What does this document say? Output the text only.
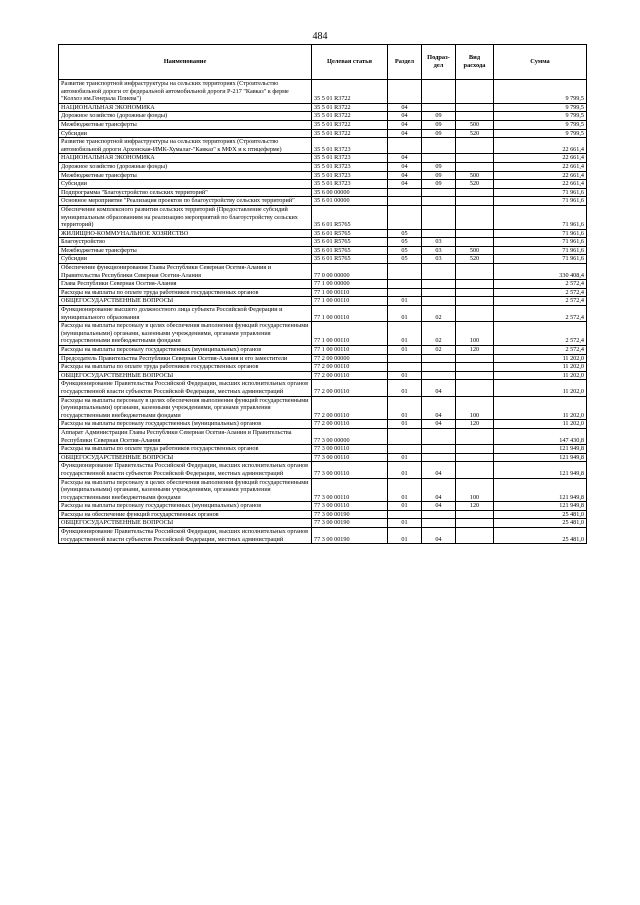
484
Наименование	Целевая статья	Раздел	Подраз-дел	Вид расхода	Сумма
Развитие транспортной инфраструктуры на сельских территориях (Строительство автомобильной дороги от федеральной автомобильной дороги Р-217 "Кавказ" к ферме "Колхоз им.Генерала Плиева")	35 5 01 R3722				9 799,5
НАЦИОНАЛЬНАЯ ЭКОНОМИКА	35 5 01 R3722	04			9 799,5
Дорожное хозяйство (дорожные фонды)	35 5 01 R3722	04	09		9 799,5
Межбюджетные трансферты	35 5 01 R3722	04	09	500	9 799,5
Субсидии	35 5 01 R3722	04	09	520	9 799,5
Развитие транспортной инфраструктуры на сельских территориях (Строительство автомобильной дороги Архонская-ИМК-Хумалаг-"Кавказ" к МФХ и к птицеферме)	35 5 01 R3723				22 661,4
НАЦИОНАЛЬНАЯ ЭКОНОМИКА	35 5 01 R3723	04			22 661,4
Дорожное хозяйство (дорожные фонды)	35 5 01 R3723	04	09		22 661,4
Межбюджетные трансферты	35 5 01 R3723	04	09	500	22 661,4
Субсидии	35 5 01 R3723	04	09	520	22 661,4
Подпрограмма "Благоустройство сельских территорий"	35 6 00 00000				71 961,6
Основное мероприятие "Реализация проектов по благоустройству сельских территорий"	35 6 01 00000				71 961,6
Обеспечение комплексного развития сельских территорий (Предоставление субсидий муниципальным образованиям на реализацию мероприятий по благоустройству сельских территорий)	35 6 01 R5765				71 961,6
ЖИЛИЩНО-КОММУНАЛЬНОЕ ХОЗЯЙСТВО	35 6 01 R5765	05			71 961,6
Благоустройство	35 6 01 R5765	05	03		71 961,6
Межбюджетные трансферты	35 6 01 R5765	05	03	500	71 961,6
Субсидии	35 6 01 R5765	05	03	520	71 961,6
Обеспечение функционирования Главы Республики Северная Осетия-Алания и Правительства Республики Северная Осетия-Алания	77 0 00 00000				330 408,4
Глава Республики Северная Осетия-Алания	77 1 00 00000				2 572,4
Расходы на выплаты по оплате труда работников государственных органов	77 1 00 00110				2 572,4
ОБЩЕГОСУДАРСТВЕННЫЕ ВОПРОСЫ	77 1 00 00110	01			2 572,4
Функционирование высшего должностного лица субъекта Российской Федерации и муниципального образования	77 1 00 00110	01	02		2 572,4
Расходы на выплаты персоналу в целях обеспечения выполнения функций государственными (муниципальными) органами, казенными учреждениями, органами управления государственными внебюджетными фондами	77 1 00 00110	01	02	100	2 572,4
Расходы на выплаты персоналу государственных (муниципальных) органов	77 1 00 00110	01	02	120	2 572,4
Председатель Правительства Республики Северная Осетия-Алания и его заместители	77 2 00 00000				11 202,0
Расходы на выплаты по оплате труда работников государственных органов	77 2 00 00110				11 202,0
ОБЩЕГОСУДАРСТВЕННЫЕ ВОПРОСЫ	77 2 00 00110	01			11 202,0
Функционирование Правительства Российской Федерации, высших исполнительных органов государственной власти субъектов Российской Федерации, местных администраций	77 2 00 00110	01	04		11 202,0
Расходы на выплаты персоналу в целях обеспечения выполнения функций государственными (муниципальными) органами, казенными учреждениями, органами управления государственными внебюджетными фондами	77 2 00 00110	01	04	100	11 202,0
Расходы на выплаты персоналу государственных (муниципальных) органов	77 2 00 00110	01	04	120	11 202,0
Аппарат Администрации Главы Республики Северная Осетия-Алания и Правительства Республики Северная Осетия-Алания	77 3 00 00000				147 430,8
Расходы на выплаты по оплате труда работников государственных органов	77 3 00 00110				121 949,8
ОБЩЕГОСУДАРСТВЕННЫЕ ВОПРОСЫ	77 3 00 00110	01			121 949,8
Функционирование Правительства Российской Федерации, высших исполнительных органов государственной власти субъектов Российской Федерации, местных администраций	77 3 00 00110	01	04		121 949,8
Расходы на выплаты персоналу в целях обеспечения выполнения функций государственными (муниципальными) органами, казенными учреждениями, органами управления государственными внебюджетными фондами	77 3 00 00110	01	04	100	121 949,8
Расходы на выплаты персоналу государственных (муниципальных) органов	77 3 00 00110	01	04	120	121 949,8
Расходы на обеспечение функций государственных органов	77 3 00 00190				25 481,0
ОБЩЕГОСУДАРСТВЕННЫЕ ВОПРОСЫ	77 3 00 00190	01			25 481,0
Функционирование Правительства Российской Федерации, высших исполнительных органов государственной власти субъектов Российской Федерации, местных администраций	77 3 00 00190	01	04		25 481,0
